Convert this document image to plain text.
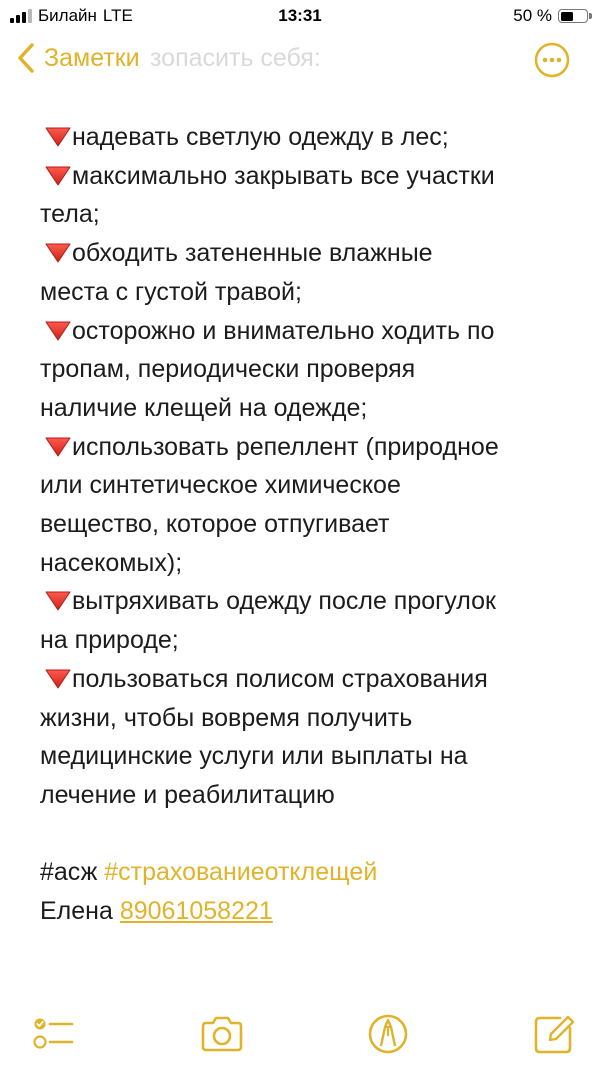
Билайн LTE	13:31	50 %
зопасить себя:
Заметки
надевать светлую одежду в лес;
максимально закрывать все участки
тела;
обходить затененные влажные
места с густой травой;
осторожно и внимательно ходить по
тропам, периодически проверяя
наличие клещей на одежде;
использовать репеллент (природное
или синтетическое химическое
вещество, которое отпугивает
насекомых);
вытряхивать одежду после прогулок
на природе;
пользоваться полисом страхования
жизни, чтобы вовремя получить
медицинские услуги или выплаты на
лечение и реабилитацию
#асж #страхованиеотклещей
Елена 89061058221
